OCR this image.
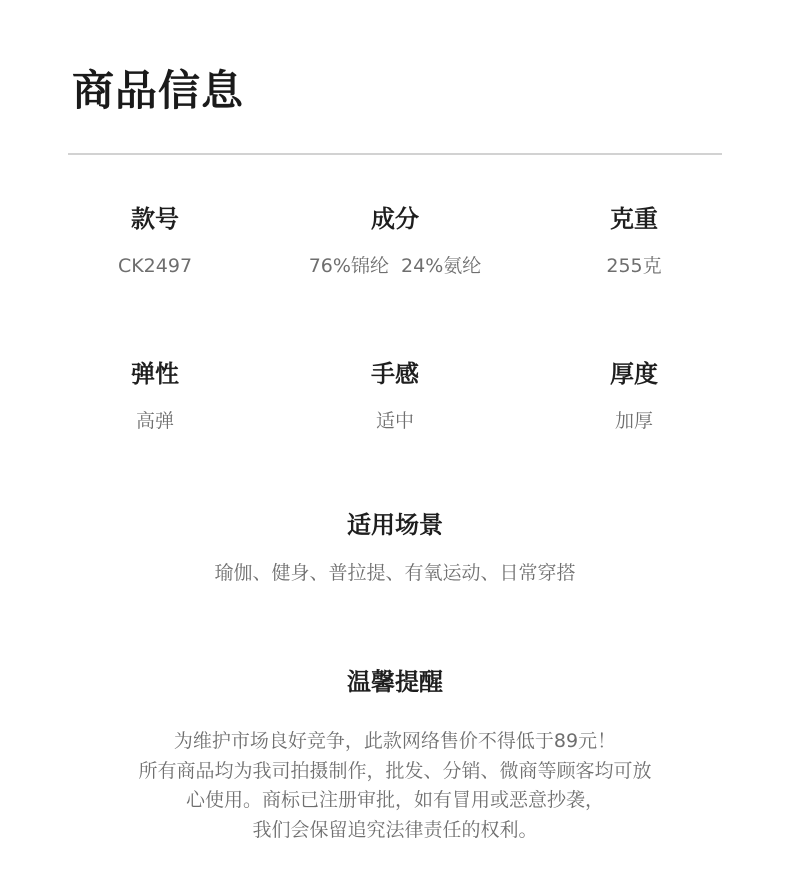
商品信息
款号
CK2497
成分
76%锦纶  24%氨纶
克重
255克
弹性
高弹
手感
适中
厚度
加厚
适用场景
瑜伽、健身、普拉提、有氧运动、日常穿搭
温馨提醒
为维护市场良好竞争，此款网络售价不得低于89元！
所有商品均为我司拍摄制作，批发、分销、微商等顾客均可放
心使用。商标已注册审批，如有冒用或恶意抄袭，
我们会保留追究法律责任的权利。
